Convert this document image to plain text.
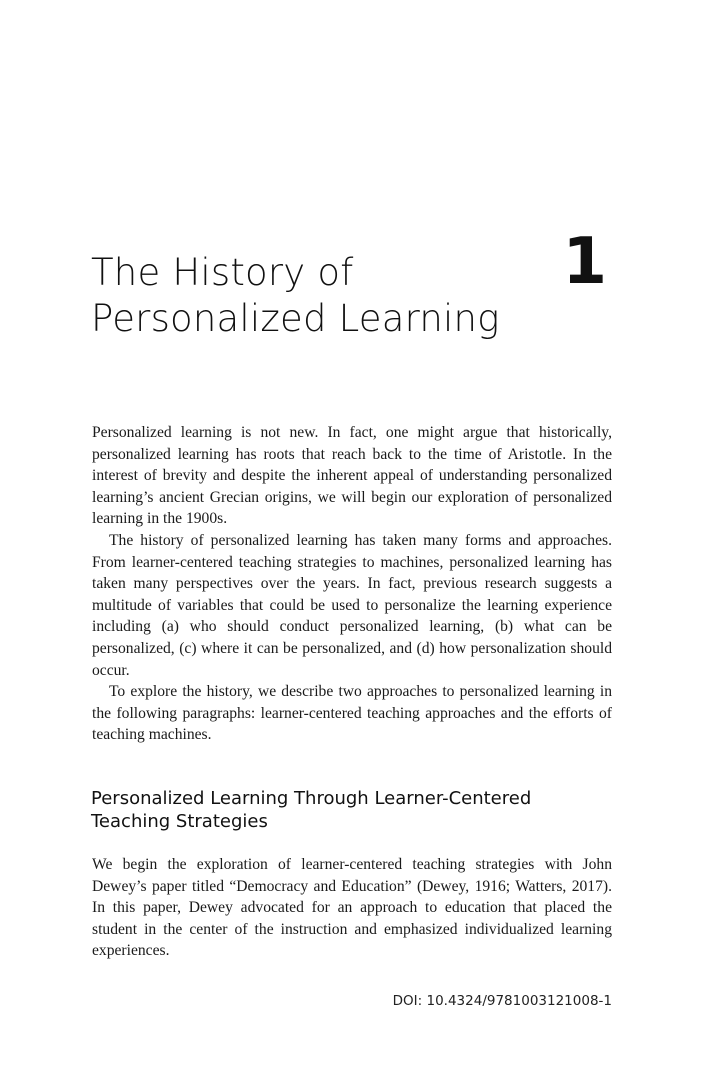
The History of
Personalized Learning
1

Personalized learning is not new. In fact, one might argue that historically, personalized learning has roots that reach back to the time of Aristotle. In the interest of brevity and despite the inherent appeal of understanding personalized learning’s ancient Grecian origins, we will begin our exploration of personalized learning in the 1900s.

The history of personalized learning has taken many forms and approaches. From learner-centered teaching strategies to machines, personalized learning has taken many perspectives over the years. In fact, previous research suggests a multitude of variables that could be used to personalize the learning experience including (a) who should conduct personalized learning, (b) what can be personalized, (c) where it can be personalized, and (d) how personalization should occur.

To explore the history, we describe two approaches to personalized learning in the following paragraphs: learner-centered teaching approaches and the efforts of teaching machines.

Personalized Learning Through Learner-Centered
Teaching Strategies

We begin the exploration of learner-centered teaching strategies with John Dewey’s paper titled “Democracy and Education” (Dewey, 1916; Watters, 2017). In this paper, Dewey advocated for an approach to education that placed the student in the center of the instruction and emphasized individualized learning experiences.

DOI: 10.4324/9781003121008-1
